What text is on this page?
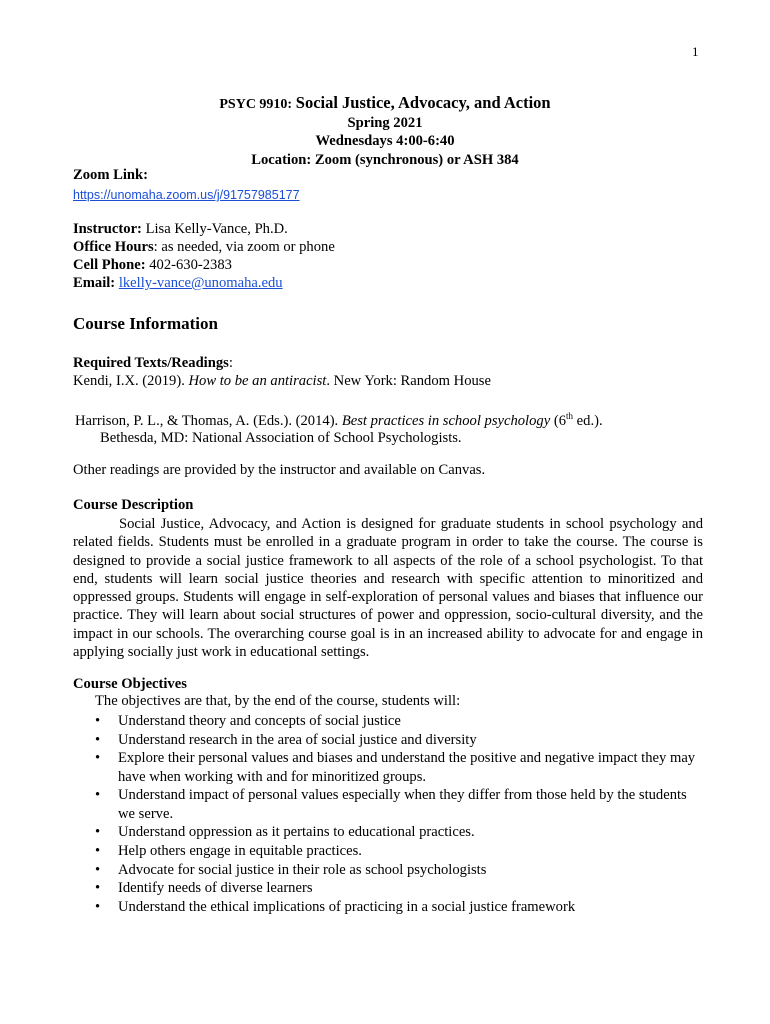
1
PSYC 9910: Social Justice, Advocacy, and Action
Spring 2021
Wednesdays 4:00-6:40
Location: Zoom (synchronous) or ASH 384
Zoom Link:
https://unomaha.zoom.us/j/91757985177
Instructor: Lisa Kelly-Vance, Ph.D.
Office Hours: as needed, via zoom or phone
Cell Phone: 402-630-2383
Email: lkelly-vance@unomaha.edu
Course Information
Required Texts/Readings:
Kendi, I.X. (2019). How to be an antiracist. New York: Random House
Harrison, P. L., & Thomas, A. (Eds.). (2014). Best practices in school psychology (6th ed.).
Bethesda, MD: National Association of School Psychologists.
Other readings are provided by the instructor and available on Canvas.
Course Description
Social Justice, Advocacy, and Action is designed for graduate students in school psychology and related fields. Students must be enrolled in a graduate program in order to take the course. The course is designed to provide a social justice framework to all aspects of the role of a school psychologist. To that end, students will learn social justice theories and research with specific attention to minoritized and oppressed groups. Students will engage in self-exploration of personal values and biases that influence our practice. They will learn about social structures of power and oppression, socio-cultural diversity, and the impact in our schools. The overarching course goal is in an increased ability to advocate for and engage in applying socially just work in educational settings.
Course Objectives
The objectives are that, by the end of the course, students will:
• Understand theory and concepts of social justice
• Understand research in the area of social justice and diversity
• Explore their personal values and biases and understand the positive and negative impact they may have when working with and for minoritized groups.
• Understand impact of personal values especially when they differ from those held by the students we serve.
• Understand oppression as it pertains to educational practices.
• Help others engage in equitable practices.
• Advocate for social justice in their role as school psychologists
• Identify needs of diverse learners
• Understand the ethical implications of practicing in a social justice framework
